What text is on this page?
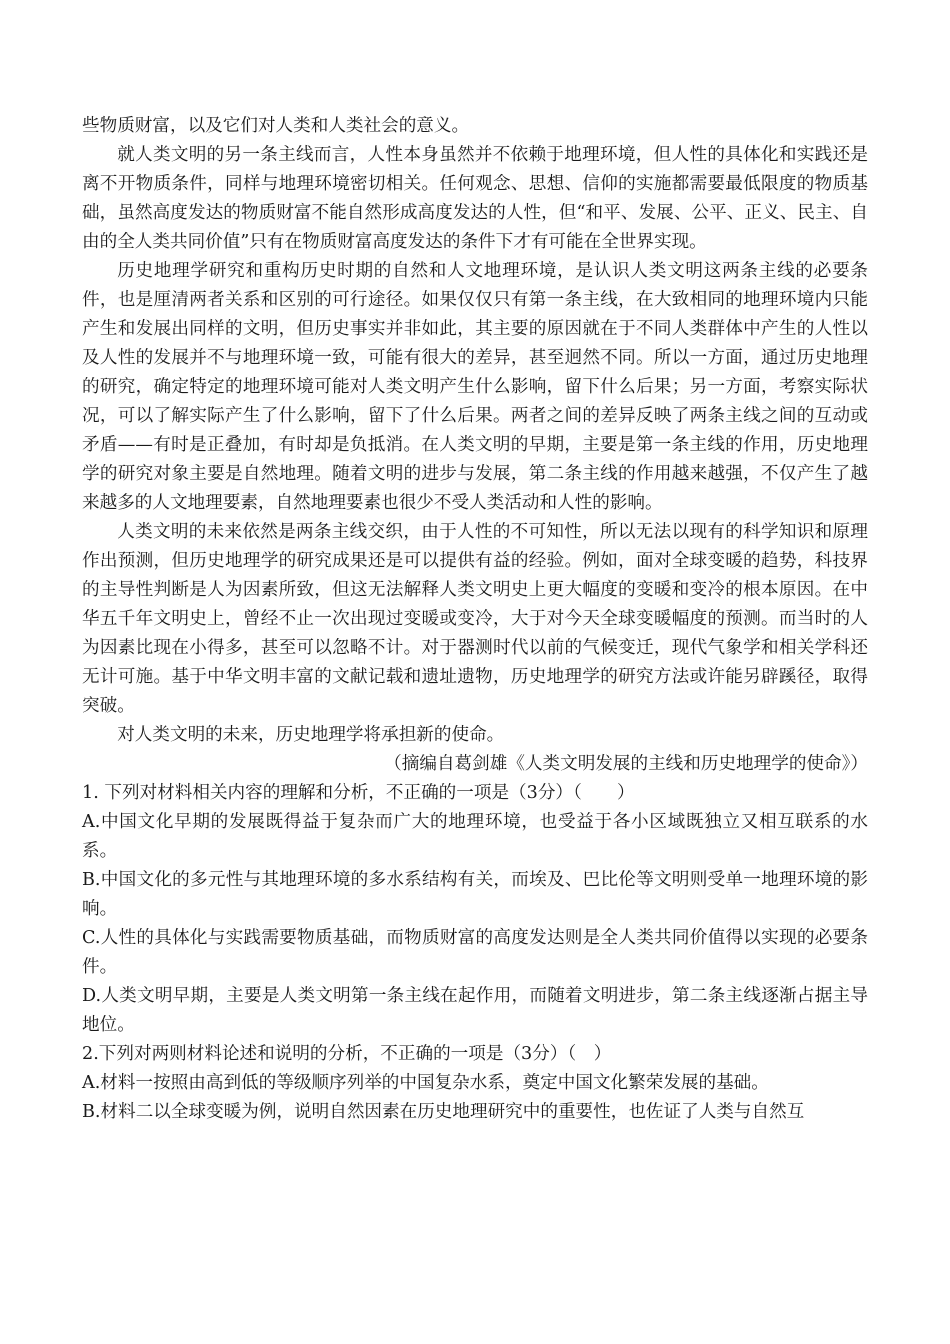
些物质财富，以及它们对人类和人类社会的意义。

就人类文明的另一条主线而言，人性本身虽然并不依赖于地理环境，但人性的具体化和实践还是离不开物质条件，同样与地理环境密切相关。任何观念、思想、信仰的实施都需要最低限度的物质基础，虽然高度发达的物质财富不能自然形成高度发达的人性，但“和平、发展、公平、正义、民主、自由的全人类共同价值”只有在物质财富高度发达的条件下才有可能在全世界实现。

历史地理学研究和重构历史时期的自然和人文地理环境，是认识人类文明这两条主线的必要条件，也是厘清两者关系和区别的可行途径。如果仅仅只有第一条主线，在大致相同的地理环境内只能产生和发展出同样的文明，但历史事实并非如此，其主要的原因就在于不同人类群体中产生的人性以及人性的发展并不与地理环境一致，可能有很大的差异，甚至迥然不同。所以一方面，通过历史地理的研究，确定特定的地理环境可能对人类文明产生什么影响，留下什么后果；另一方面，考察实际状况，可以了解实际产生了什么影响，留下了什么后果。两者之间的差异反映了两条主线之间的互动或矛盾——有时是正叠加，有时却是负抵消。在人类文明的早期，主要是第一条主线的作用，历史地理学的研究对象主要是自然地理。随着文明的进步与发展，第二条主线的作用越来越强，不仅产生了越来越多的人文地理要素，自然地理要素也很少不受人类活动和人性的影响。

人类文明的未来依然是两条主线交织，由于人性的不可知性，所以无法以现有的科学知识和原理作出预测，但历史地理学的研究成果还是可以提供有益的经验。例如，面对全球变暖的趋势，科技界的主导性判断是人为因素所致，但这无法解释人类文明史上更大幅度的变暖和变冷的根本原因。在中华五千年文明史上，曾经不止一次出现过变暖或变冷，大于对今天全球变暖幅度的预测。而当时的人为因素比现在小得多，甚至可以忽略不计。对于器测时代以前的气候变迁，现代气象学和相关学科还无计可施。基于中华文明丰富的文献记载和遗址遗物，历史地理学的研究方法或许能另辟蹊径，取得突破。

对人类文明的未来，历史地理学将承担新的使命。

（摘编自葛剑雄《人类文明发展的主线和历史地理学的使命》）

1. 下列对材料相关内容的理解和分析，不正确的一项是（3分）（　　）

A.中国文化早期的发展既得益于复杂而广大的地理环境，也受益于各小区域既独立又相互联系的水系。

B.中国文化的多元性与其地理环境的多水系结构有关，而埃及、巴比伦等文明则受单一地理环境的影响。

C.人性的具体化与实践需要物质基础，而物质财富的高度发达则是全人类共同价值得以实现的必要条件。

D.人类文明早期，主要是人类文明第一条主线在起作用，而随着文明进步，第二条主线逐渐占据主导地位。

2.下列对两则材料论述和说明的分析，不正确的一项是（3分）（　）

A.材料一按照由高到低的等级顺序列举的中国复杂水系，奠定中国文化繁荣发展的基础。

B.材料二以全球变暖为例，说明自然因素在历史地理研究中的重要性，也佐证了人类与自然互
